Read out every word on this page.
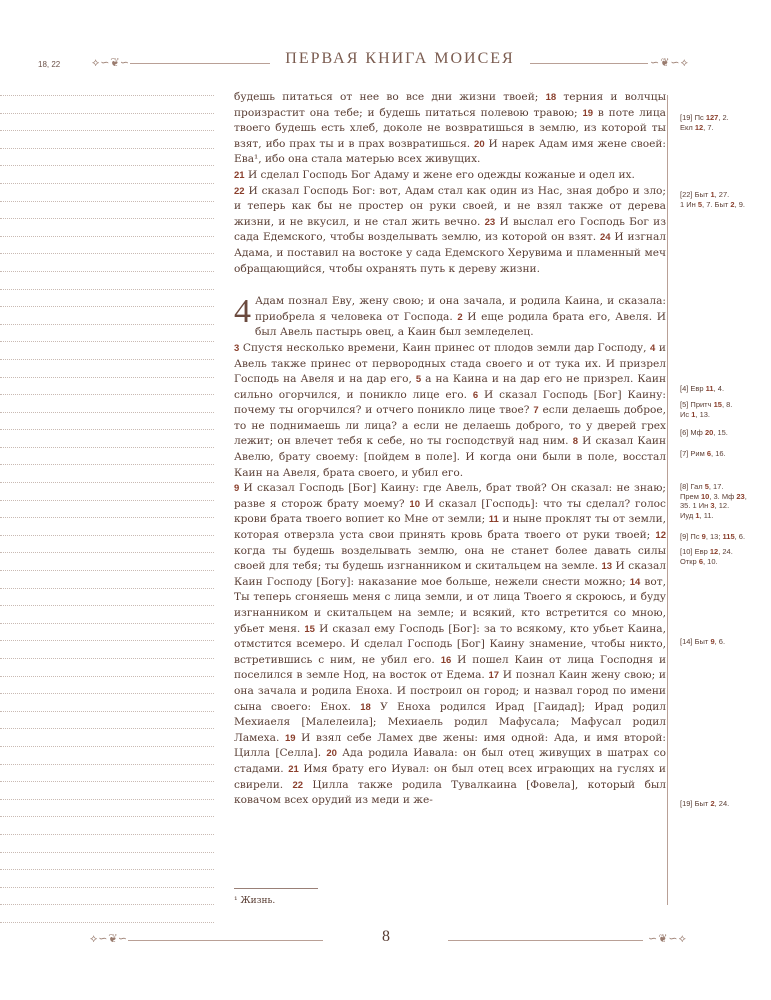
18, 22	⟡∽❦∽	ПЕРВАЯ КНИГА МОИСЕЯ	∽❦∽⟡

будешь питаться от нее во все дни жизни твоей; 18 терния и волчцы произрастит она тебе; и будешь питаться полевою травою; 19 в поте лица твоего будешь есть хлеб, доколе не возвратишься в землю, из которой ты взят, ибо прах ты и в прах возвратишься. 20 И нарек Адам имя жене своей: Ева¹, ибо она стала матерью всех живущих.

21 И сделал Господь Бог Адаму и жене его одежды кожаные и одел их.

22 И сказал Господь Бог: вот, Адам стал как один из Нас, зная добро и зло; и теперь как бы не простер он руки своей, и не взял также от дерева жизни, и не вкусил, и не стал жить вечно. 23 И выслал его Господь Бог из сада Едемского, чтобы возделывать землю, из которой он взят. 24 И изгнал Адама, и поставил на востоке у сада Едемского Херувима и пламенный меч обращающийся, чтобы охранять путь к дереву жизни.

4 Адам познал Еву, жену свою; и она зачала, и родила Каина, и сказала: приобрела я человека от Господа. 2 И еще родила брата его, Авеля. И был Авель пастырь овец, а Каин был земледелец.

3 Спустя несколько времени, Каин принес от плодов земли дар Господу, 4 и Авель также принес от первородных стада своего и от тука их. И призрел Господь на Авеля и на дар его, 5 а на Каина и на дар его не призрел. Каин сильно огорчился, и поникло лице его. 6 И сказал Господь [Бог] Каину: почему ты огорчился? и отчего поникло лице твое? 7 если делаешь доброе, то не поднимаешь ли лица? а если не делаешь доброго, то у дверей грех лежит; он влечет тебя к себе, но ты господствуй над ним. 8 И сказал Каин Авелю, брату своему: [пойдем в поле]. И когда они были в поле, восстал Каин на Авеля, брата своего, и убил его.

9 И сказал Господь [Бог] Каину: где Авель, брат твой? Он сказал: не знаю; разве я сторож брату моему? 10 И сказал [Господь]: что ты сделал? голос крови брата твоего вопиет ко Мне от земли; 11 и ныне проклят ты от земли, которая отверзла уста свои принять кровь брата твоего от руки твоей; 12 когда ты будешь возделывать землю, она не станет более давать силы своей для тебя; ты будешь изгнанником и скитальцем на земле. 13 И сказал Каин Господу [Богу]: наказание мое больше, нежели снести можно; 14 вот, Ты теперь сгоняешь меня с лица земли, и от лица Твоего я скроюсь, и буду изгнанником и скитальцем на земле; и всякий, кто встретится со мною, убьет меня. 15 И сказал ему Господь [Бог]: за то всякому, кто убьет Каина, отмстится всемеро. И сделал Господь [Бог] Каину знамение, чтобы никто, встретившись с ним, не убил его. 16 И пошел Каин от лица Господня и поселился в земле Нод, на восток от Едема. 17 И познал Каин жену свою; и она зачала и родила Еноха. И построил он город; и назвал город по имени сына своего: Енох. 18 У Еноха родился Ирад [Гаидад]; Ирад родил Мехиаеля [Малелеила]; Мехиаель родил Мафусала; Мафусал родил Ламеха. 19 И взял себе Ламех две жены: имя одной: Ада, и имя второй: Цилла [Селла]. 20 Ада родила Иавала: он был отец живущих в шатрах со стадами. 21 Имя брату его Иувал: он был отец всех играющих на гуслях и свирели. 22 Цилла также родила Тувалкаина [Фовела], который был ковачом всех орудий из меди и же-

[19] Пс 127, 2.
Екл 12, 7.
[22] Быт 1, 27.
1 Ин 5, 7. Быт 2, 9.
[4] Евр 11, 4.
[5] Притч 15, 8.
Ис 1, 13.
[6] Мф 20, 15.
[7] Рим 6, 16.
[8] Гал 5, 17.
Прем 10, 3. Мф 23,
35. 1 Ин 3, 12.
Иуд 1, 11.
[9] Пс 9, 13; 115, 6.
[10] Евр 12, 24.
Откр 6, 10.
[14] Быт 9, 6.
[19] Быт 2, 24.
¹ Жизнь.
⟡∽❦∽	8	∽❦∽⟡
